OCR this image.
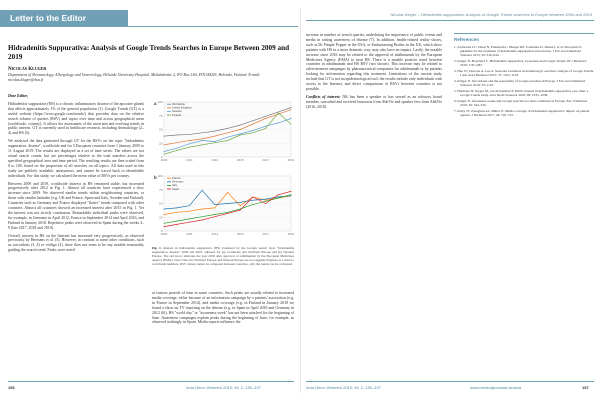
Letter to the Editor	Nicolas Kluger – Hidradenitis suppurativa: Analysis of Google Trends searches in Europe between 2009 and 2019
Hidradenitis Suppurativa: Analysis of Google Trends Searches in Europe Between 2009 and 2019
Nicolas Kluger
Department of Dermatology, Allergology and Venereology, Helsinki University Hospital, Meilahdentie 2, PO Box 160, FIN-00029, Helsinki, Finland. E-mail: nicolas.kluger@hus.fi

Dear Editor,

Hidradenitis suppurativa (HS) is a chronic inflammatory disease of the apocrine glands that affects approximately 1% of the general population (1). Google Trends (GT) is a useful website (https://www.google.com/trends/) that provides data on the relative search volume of queries (RSV) and topics over time and across geographical areas (worldwide, country). It allows the assessment of the uncertain and evolving trends in public interest. GT is currently used in healthcare research, including dermatology (2–4) and HS (5).

We analysed the data generated through GT for the RSVs on the topic "hidradenitis suppurativa, disease", worldwide and for 5 European countries from 1 January 2009 to 11 August 2019. The results are displayed as a set of time series. The values are not actual search counts, but are percentages relative to the total searches across the specified geographical area and time period. The resulting results are then scaled from 0 to 100, based on the proportion of all searches on all topics. All data used in this study are publicly available, anonymous, and cannot be traced back to identifiable individuals. For this study, we calculated the mean value of RSVs per country.

Between 2009 and 2019, worldwide interest in HS remained stable, but increased progressively after 2012 in Fig. 1. Almost all countries have experienced a slow increase since 2009. We observed similar trends within neighbouring countries, or those with similar latitudes (e.g. UK and France, Spain and Italy, Sweden and Finland). Countries such as Germany and France displayed "flatter" trends compared with other countries. Almost all countries showed an increased interest after 2015 in Fig. 1. Yet the interest was not strictly continuous. Remarkable individual peaks were observed, for example, in Germany in April 2012, France in September 2014 and April 2016, and Finland in January 2018. Repetitive peaks were observed in Spain during the weeks 3–9 (late 2017, 2018 and 2019).

Overall, interest in HS on the Internet has increased very progressively, as observed previously by Hermans et al. (5). However, in contrast to some other conditions, such as sarcoidosis (3, 4) or vitiligo (4), there does not seem to be any notable seasonality guiding the search trend. Peaks were noted

0
25
50
75
100
2009	2011	2013	2015	2017	2019
a	Worldwide
United Kingdom
Sweden
Finland
0
25
50
75
100
2009	2011	2013	2015	2017	2019
b	France
Germany
Italy
Spain
Fig. 1. Interest in hidradenitis suppurativa (HS) evaluated by the Google search topic "hidradenitis suppurativa, disease" 2009 and 2019, adjusted for (a) worldwide and Northern Europe and (b) Western Europe. The red arrow indicates the year 2016 after approval of adalimumab by the European Medicines Agency (EMA). Note: Data for Northern Europe and Western Europe are not suggested figures as a meal to worldwide numbers. RSV values cannot be compared between countries, only the trends can be compared.

at various periods of time in some countries. Such peaks are usually related to increased media coverage, either because of an information campaign by a patients' association (e.g. in France in September 2014), and media coverage (e.g. in Finland in January 2018 we found a show on TV reporting on the disease (e.g. in Spain in April 2016 and Germany in 2012 (6)). HS "world day" or "awareness week" has not been attached for the beginning of June. Awareness campaigns explain peaks during the beginning of June, for example, as observed strikingly in Spain. Media reports influence the

increase in number of search queries, underlining the importance of public events and media in raising awareness of disease (7). In addition, health-related reality shows, such as Dr Pimple Popper in the USA, or Embarrassing Bodies in the UK, which show patients with HS in a more dramatic way, may also have an impact. Lastly, the notable increase since 2016 may be related to the approval of adalimumab by the European Medicines Agency (EMA) to treat HS. There is a notable positive trend between countries in adalimumab and HS RSV (not shown). This increase may be related to advertisement campaigns by pharmaceutical companies for adalimumab or by patients looking for information regarding this treatment. Limitations of the current study include that GT is not an epidemiological tool; the results include only individuals with access to the Internet, and direct comparisons of RSVs between countries is not possible.

Conflicts of interest: NK has been a speaker or has served as an advisory board member, consulted and received honoraria from AbbVie and speaker fees from AbbVie (2016–2018).

References
1. Zouboulis CC, Desai N, Emtestam L, Hunger RE, Ioannides D, Juhász I, et al. European S1 guideline for the treatment of hidradenitis suppurativa/acne inversa. J Eur Acad Dermatol Venereol 2015; 29: 619–644.
2. Kluger N, Bouchard C. Hidradenitis suppurativa, awareness and Google Trends. Br J Dermatol 2018; 178: e287.
3. Hsu VJ, Dawson A, Lee A. Seasonal variations in dermatologic searches: analysis of Google Trends. J Am Acad Dermatol 2015; 72: 1102–1103.
4. Kluger N. Sarcoidosis and the seasonality of Google searches in Europe. J Eur Acad Dermatol Venereol 2019; 33: e125.
5. Hermans H, Seyger M, van de Kerkhof P. Public interest in hidradenitis suppurativa over time: a Google Trends study. Acta Derm Venereol 2019; 99: 1035–1036.
6. Kluger N. Awareness weeks and Google searches for skin conditions in Europe. Eur J Dermatol 2019; 29: 344–345.
7. Kirby JS, Zaenglein AL, Miller JJ. Media coverage of hidradenitis suppurativa: impact on patient queries. J Dermatol 2017; 44: 720–722.
156	Acta Derm Venereol 2019; 99, 2, 156–157	Acta Derm Venereol 2019; 99, 2, 156–157	www.medicaljournals.se/acta	157
